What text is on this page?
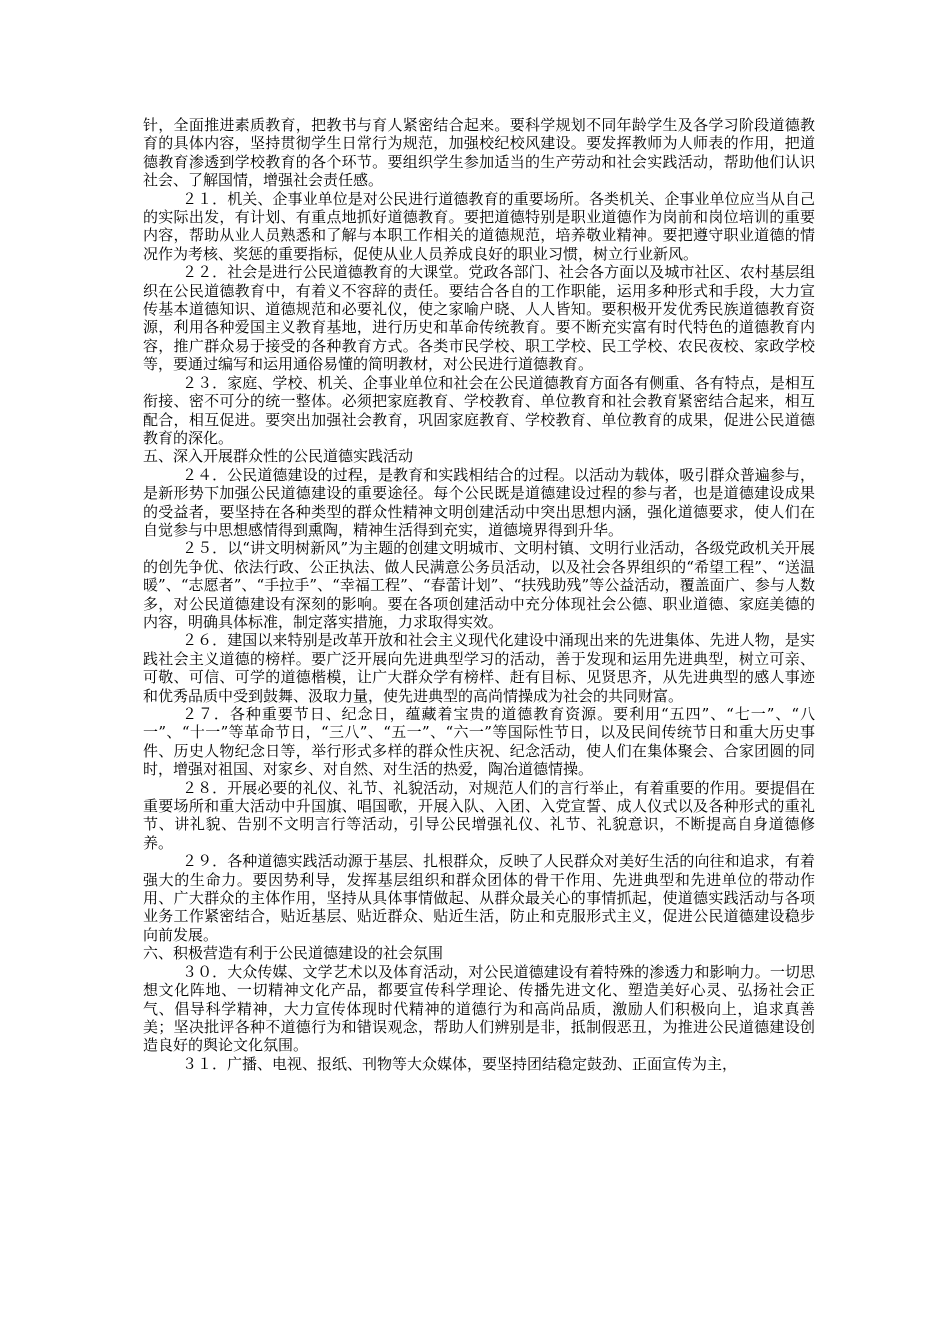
针，全面推进素质教育，把教书与育人紧密结合起来。要科学规划不同年龄学生及各学习阶段道德教育的具体内容，坚持贯彻学生日常行为规范，加强校纪校风建设。要发挥教师为人师表的作用，把道德教育渗透到学校教育的各个环节。要组织学生参加适当的生产劳动和社会实践活动，帮助他们认识社会、了解国情，增强社会责任感。

２１．机关、企事业单位是对公民进行道德教育的重要场所。各类机关、企事业单位应当从自己的实际出发，有计划、有重点地抓好道德教育。要把道德特别是职业道德作为岗前和岗位培训的重要内容，帮助从业人员熟悉和了解与本职工作相关的道德规范，培养敬业精神。要把遵守职业道德的情况作为考核、奖惩的重要指标，促使从业人员养成良好的职业习惯，树立行业新风。

２２．社会是进行公民道德教育的大课堂。党政各部门、社会各方面以及城市社区、农村基层组织在公民道德教育中，有着义不容辞的责任。要结合各自的工作职能，运用多种形式和手段，大力宣传基本道德知识、道德规范和必要礼仪，使之家喻户晓、人人皆知。要积极开发优秀民族道德教育资源，利用各种爱国主义教育基地，进行历史和革命传统教育。要不断充实富有时代特色的道德教育内容，推广群众易于接受的各种教育方式。各类市民学校、职工学校、民工学校、农民夜校、家政学校等，要通过编写和运用通俗易懂的简明教材，对公民进行道德教育。

２３．家庭、学校、机关、企事业单位和社会在公民道德教育方面各有侧重、各有特点，是相互衔接、密不可分的统一整体。必须把家庭教育、学校教育、单位教育和社会教育紧密结合起来，相互配合，相互促进。要突出加强社会教育，巩固家庭教育、学校教育、单位教育的成果，促进公民道德教育的深化。

五、深入开展群众性的公民道德实践活动

２４．公民道德建设的过程，是教育和实践相结合的过程。以活动为载体，吸引群众普遍参与，是新形势下加强公民道德建设的重要途径。每个公民既是道德建设过程的参与者，也是道德建设成果的受益者，要坚持在各种类型的群众性精神文明创建活动中突出思想内涵，强化道德要求，使人们在自觉参与中思想感情得到熏陶，精神生活得到充实，道德境界得到升华。

２５．以“讲文明树新风”为主题的创建文明城市、文明村镇、文明行业活动，各级党政机关开展的创先争优、依法行政、公正执法、做人民满意公务员活动，以及社会各界组织的“希望工程”、“送温暖”、“志愿者”、“手拉手”、“幸福工程”、“春蕾计划”、“扶残助残”等公益活动，覆盖面广、参与人数多，对公民道德建设有深刻的影响。要在各项创建活动中充分体现社会公德、职业道德、家庭美德的内容，明确具体标准，制定落实措施，力求取得实效。

２６．建国以来特别是改革开放和社会主义现代化建设中涌现出来的先进集体、先进人物，是实践社会主义道德的榜样。要广泛开展向先进典型学习的活动，善于发现和运用先进典型，树立可亲、可敬、可信、可学的道德楷模，让广大群众学有榜样、赶有目标、见贤思齐，从先进典型的感人事迹和优秀品质中受到鼓舞、汲取力量，使先进典型的高尚情操成为社会的共同财富。

２７．各种重要节日、纪念日，蕴藏着宝贵的道德教育资源。要利用“五四”、“七一”、“八一”、“十一”等革命节日，“三八”、“五一”、“六一”等国际性节日，以及民间传统节日和重大历史事件、历史人物纪念日等，举行形式多样的群众性庆祝、纪念活动，使人们在集体聚会、合家团圆的同时，增强对祖国、对家乡、对自然、对生活的热爱，陶冶道德情操。

２８．开展必要的礼仪、礼节、礼貌活动，对规范人们的言行举止，有着重要的作用。要提倡在重要场所和重大活动中升国旗、唱国歌，开展入队、入团、入党宣誓、成人仪式以及各种形式的重礼节、讲礼貌、告别不文明言行等活动，引导公民增强礼仪、礼节、礼貌意识，不断提高自身道德修养。

２９．各种道德实践活动源于基层、扎根群众，反映了人民群众对美好生活的向往和追求，有着强大的生命力。要因势利导，发挥基层组织和群众团体的骨干作用、先进典型和先进单位的带动作用、广大群众的主体作用，坚持从具体事情做起、从群众最关心的事情抓起，使道德实践活动与各项业务工作紧密结合，贴近基层、贴近群众、贴近生活，防止和克服形式主义，促进公民道德建设稳步向前发展。

六、积极营造有利于公民道德建设的社会氛围

３０．大众传媒、文学艺术以及体育活动，对公民道德建设有着特殊的渗透力和影响力。一切思想文化阵地、一切精神文化产品，都要宣传科学理论、传播先进文化、塑造美好心灵、弘扬社会正气、倡导科学精神，大力宣传体现时代精神的道德行为和高尚品质，激励人们积极向上，追求真善美；坚决批评各种不道德行为和错误观念，帮助人们辨别是非，抵制假恶丑，为推进公民道德建设创造良好的舆论文化氛围。

３１．广播、电视、报纸、刊物等大众媒体，要坚持团结稳定鼓劲、正面宣传为主，
